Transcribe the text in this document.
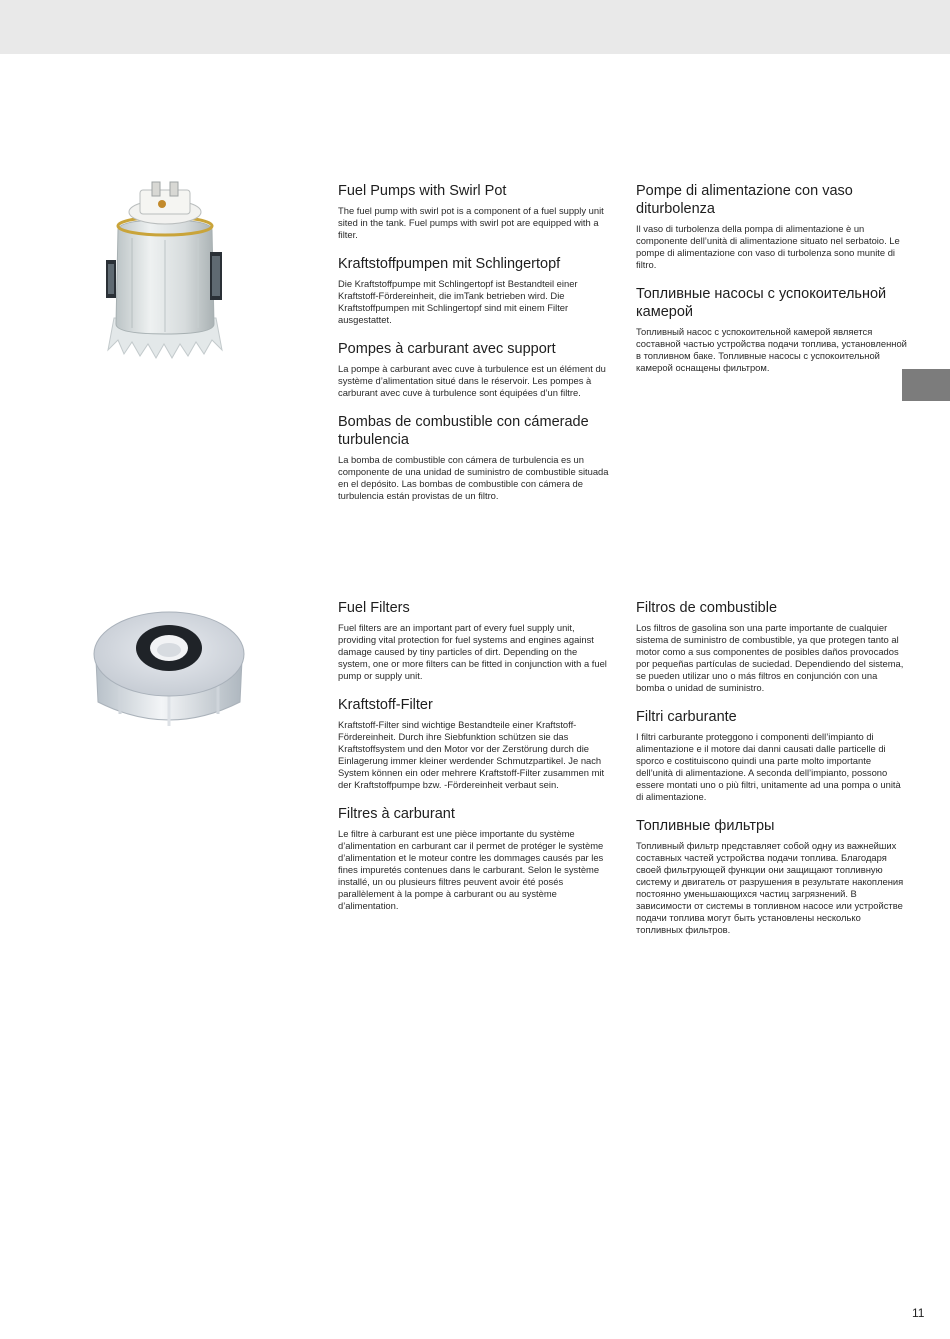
Fuel Pumps with Swirl Pot

The fuel pump with swirl pot is a component of a fuel supply unit sited in the tank. Fuel pumps with swirl pot are equipped with a filter.

Kraftstoffpumpen mit Schlingertopf

Die Kraftstoffpumpe mit Schlingertopf ist Bestandteil einer Kraftstoff-Fördereinheit, die imTank betrieben wird. Die Kraftstoffpumpen mit Schlingertopf sind mit einem Filter ausgestattet.

Pompes à carburant avec support

La pompe à carburant avec cuve à turbulence est un élément du système d’alimentation situé dans le réservoir. Les pompes à carburant avec cuve à turbulence sont équipées d’un filtre.

Bombas de combustible con cámerade turbulencia

La bomba de combustible con cámera de turbulencia es un componente de una unidad de suministro de combustible situada en el depósito. Las bombas de combustible con cámera de turbulencia están provistas de un filtro.

Pompe di alimentazione con vaso diturbolenza

Il vaso di turbolenza della pompa di alimentazione è un componente dell’unità di alimentazione situato nel serbatoio. Le pompe di alimentazione con vaso di turbolenza sono munite di filtro.

Топливные насосы с успокоительной камерой

Топливный насос с успокоительной камерой является составной частью устройства подачи топлива, установленной в топливном баке. Топливные насосы с успокоительной камерой оснащены фильтром.

Fuel Filters

Fuel filters are an important part of every fuel supply unit, providing vital protection for fuel systems and engines against damage caused by tiny particles of dirt. Depending on the system, one or more filters can be fitted in conjunction with a fuel pump or supply unit.

Kraftstoff-Filter

Kraftstoff-Filter sind wichtige Bestandteile einer Kraftstoff-Fördereinheit. Durch ihre Siebfunktion schützen sie das Kraftstoffsystem und den Motor vor der Zerstörung durch die Einlagerung immer kleiner werdender Schmutzpartikel. Je nach System können ein oder mehrere Kraftstoff-Filter zusammen mit der Kraftstoffpumpe bzw. -Fördereinheit verbaut sein.

Filtres à carburant

Le filtre à carburant est une pièce importante du système d’alimentation en carburant car il permet de protéger le système d’alimentation et le moteur contre les dommages causés par les fines impuretés contenues dans le carburant. Selon le système installé, un ou plusieurs filtres peuvent avoir été posés parallèlement à la pompe à carburant ou au système d’alimentation.

Filtros de combustible

Los filtros de gasolina son una parte importante de cualquier sistema de suministro de combustible, ya que protegen tanto al motor como a sus componentes de posibles daños provocados por pequeñas partículas de suciedad. Dependiendo del sistema, se pueden utilizar uno o más filtros en conjunción con una bomba o unidad de suministro.

Filtri carburante

I filtri carburante proteggono i componenti dell’impianto di alimentazione e il motore dai danni causati dalle particelle di sporco e costituiscono quindi una parte molto importante dell’unità di alimentazione. A seconda dell’impianto, possono essere montati uno o più filtri, unitamente ad una pompa o unità di alimentazione.

Топливные фильтры

Топливный фильтр представляет собой одну из важнейших составных частей устройства подачи топлива. Благодаря своей фильтрующей функции они защищают топливную систему и двигатель от разрушения в результате накопления постоянно уменьшающихся частиц загрязнений. В зависимости от системы в топливном насосе или устройстве подачи топлива могут быть установлены несколько топливных фильтров.

11
